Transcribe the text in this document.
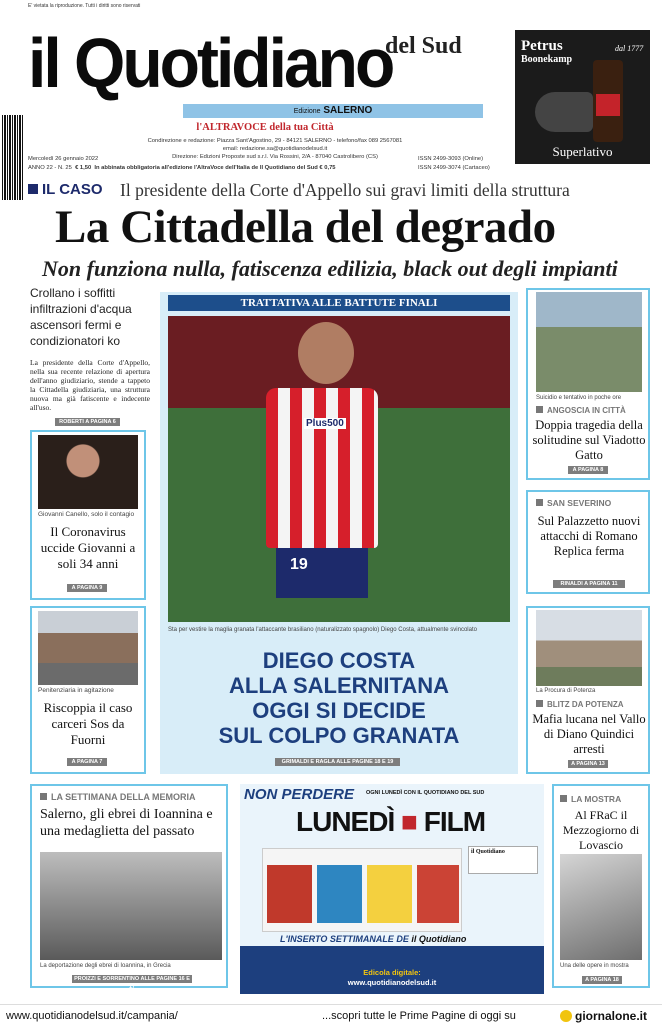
E' vietata la riproduzione. Tutti i diritti sono riservati
il Quotidiano
del Sud
Edizione SALERNO
l'ALTRAVOCE della tua Città
Condirezione e redazione: Piazza Sant'Agostino, 29 - 84121 SALERNO - telefono/fax 089 2567081
email: redazione.sa@quotidianodelsud.it
Direzione: Edizioni Proposte sud s.r.l. Via Rossini, 2/A - 87040 Castrolibero (CS)
Mercoledì 26 gennaio 2022
ANNO 22 - N. 25 € 1,50 In abbinata obbligatoria all'edizione l'AltraVoce dell'Italia de Il Quotidiano del Sud € 0,75
ISSN 2499-3093 (Online)
ISSN 2499-3074 (Cartaceo)
Petrus
Boonekamp
dal 1777
Superlativo
IL CASO Il presidente della Corte d'Appello sui gravi limiti della struttura
La Cittadella del degrado
Non funziona nulla, fatiscenza edilizia, black out degli impianti
Crollano i soffitti infiltrazioni d'acqua ascensori fermi e condizionatori ko
La presidente della Corte d'Appello, nella sua recente relazione di apertura dell'anno giudiziario, stende a tappeto la Cittadella giudiziaria, una struttura nuova ma già fatiscente e indecente all'uso.
ROBERTI A PAGINA 6
Giovanni Canello, solo il contagio
Il Coronavirus uccide Giovanni a soli 34 anni
A PAGINA 9
Penitenziaria in agitazione
Riscoppia il caso carceri Sos da Fuorni
A PAGINA 7
TRATTATIVA ALLE BATTUTE FINALI
Plus500
19
Sta per vestire la maglia granata l'attaccante brasiliano (naturalizzato spagnolo) Diego Costa, attualmente svincolato
DIEGO COSTA
ALLA SALERNITANA
OGGI SI DECIDE
SUL COLPO GRANATA
GRIMALDI E RAGLA ALLE PAGINE 18 E 19
Suicidio e tentativo in poche ore
ANGOSCIA IN CITTÀ
Doppia tragedia della solitudine sul Viadotto Gatto
A PAGINA 8
SAN SEVERINO
Sul Palazzetto nuovi attacchi di Romano Replica ferma
RINALDI A PAGINA 11
La Procura di Potenza
BLITZ DA POTENZA
Mafia lucana nel Vallo di Diano Quindici arresti
A PAGINA 13
LA SETTIMANA DELLA MEMORIA
Salerno, gli ebrei di Ioannina e una medaglietta del passato
La deportazione degli ebrei di Ioannina, in Grecia
PROIZZI E SORRENTINO ALLE PAGINE 16 E 17
NON PERDERE OGNI LUNEDÌ CON IL QUOTIDIANO DEL SUD
LUNEDÌ ■ FILM
il Quotidiano
L'INSERTO SETTIMANALE DE il Quotidiano
Edicola digitale:
www.quotidianodelsud.it
LA MOSTRA
Al FRaC il Mezzogiorno di Lovascio
Una delle opere in mostra
A PAGINA 18
www.quotidianodelsud.it/campania/	...scopri tutte le Prime Pagine di oggi su	giornalone.it
